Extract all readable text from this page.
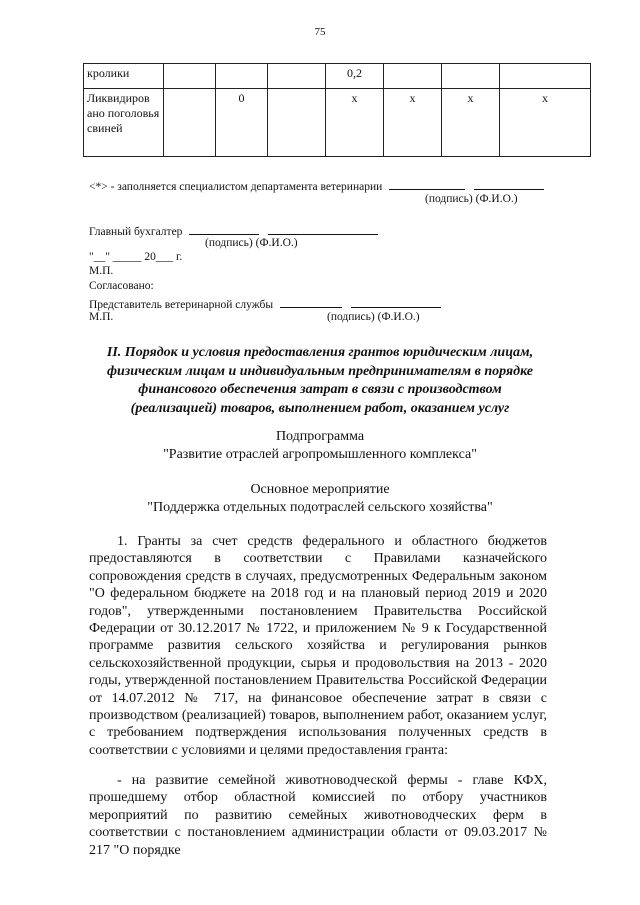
75
кролики				0,2			
Ликвидиров ано поголовья свиней		0		x	x	x	x
<*> - заполняется специалистом департамента ветеринарии
(подпись) (Ф.И.О.)
Главный бухгалтер
(подпись) (Ф.И.О.)
"__" _____ 20___ г.
М.П.
Согласовано:
Представитель ветеринарной службы
М.П.	(подпись) (Ф.И.О.)
II. Порядок и условия предоставления грантов юридическим лицам, физическим лицам и индивидуальным предпринимателям в порядке финансового обеспечения затрат в связи с производством (реализацией) товаров, выполнением работ, оказанием услуг
Подпрограмма
"Развитие отраслей агропромышленного комплекса"
Основное мероприятие
"Поддержка отдельных подотраслей сельского хозяйства"

1. Гранты за счет средств федерального и областного бюджетов предоставляются в соответствии с Правилами казначейского сопровождения средств в случаях, предусмотренных Федеральным законом "О федеральном бюджете на 2018 год и на плановый период 2019 и 2020 годов", утвержденными постановлением Правительства Российской Федерации от 30.12.2017 № 1722, и приложением № 9 к Государственной программе развития сельского хозяйства и регулирования рынков сельскохозяйственной продукции, сырья и продовольствия на 2013 - 2020 годы, утвержденной постановлением Правительства Российской Федерации от 14.07.2012 № 717, на финансовое обеспечение затрат в связи с производством (реализацией) товаров, выполнением работ, оказанием услуг, с требованием подтверждения использования полученных средств в соответствии с условиями и целями предоставления гранта:

- на развитие семейной животноводческой фермы - главе КФХ, прошедшему отбор областной комиссией по отбору участников мероприятий по развитию семейных животноводческих ферм в соответствии с постановлением администрации области от 09.03.2017 № 217 "О порядке
